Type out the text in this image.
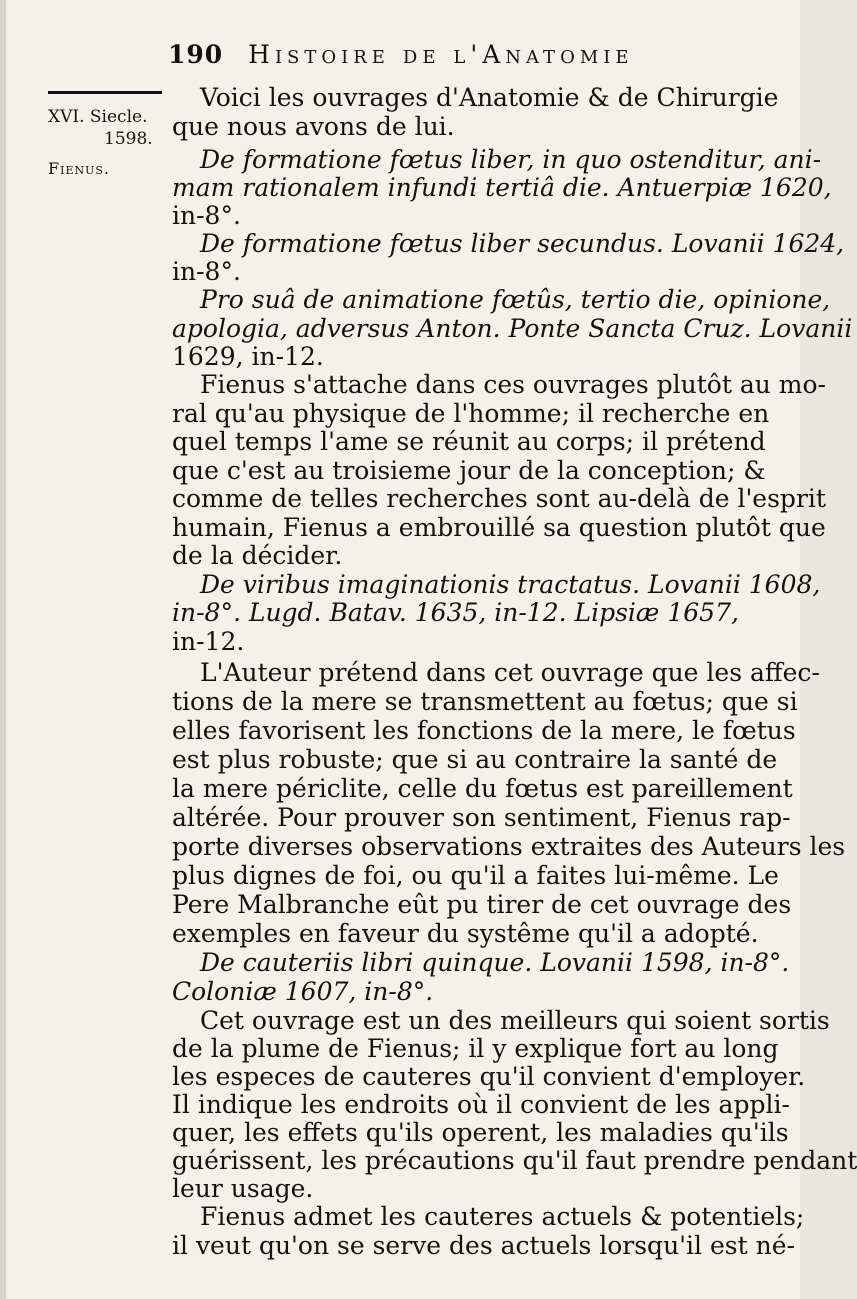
190 Histoire de l'Anatomie
XVI. Siecle.
1598.
Fienus.
Voici les ouvrages d'Anatomie & de Chirurgie
que nous avons de lui.
De formatione fœtus liber, in quo ostenditur, ani-
mam rationalem infundi tertiâ die. Antuerpiæ 1620,
in-8°.
De formatione fœtus liber secundus. Lovanii 1624,
in-8°.
Pro suâ de animatione fœtûs, tertio die, opinione,
apologia, adversus Anton. Ponte Sancta Cruz. Lovanii
1629, in-12.
Fienus s'attache dans ces ouvrages plutôt au mo-
ral qu'au physique de l'homme; il recherche en
quel temps l'ame se réunit au corps; il prétend
que c'est au troisieme jour de la conception; &
comme de telles recherches sont au-delà de l'esprit
humain, Fienus a embrouillé sa question plutôt que
de la décider.
De viribus imaginationis tractatus. Lovanii 1608,
in-8°. Lugd. Batav. 1635, in-12. Lipsiæ 1657,
in-12.
L'Auteur prétend dans cet ouvrage que les affec-
tions de la mere se transmettent au fœtus; que si
elles favorisent les fonctions de la mere, le fœtus
est plus robuste; que si au contraire la santé de
la mere périclite, celle du fœtus est pareillement
altérée. Pour prouver son sentiment, Fienus rap-
porte diverses observations extraites des Auteurs les
plus dignes de foi, ou qu'il a faites lui-même. Le
Pere Malbranche eût pu tirer de cet ouvrage des
exemples en faveur du systême qu'il a adopté.
De cauteriis libri quinque. Lovanii 1598, in-8°.
Coloniæ 1607, in-8°.
Cet ouvrage est un des meilleurs qui soient sortis
de la plume de Fienus; il y explique fort au long
les especes de cauteres qu'il convient d'employer.
Il indique les endroits où il convient de les appli-
quer, les effets qu'ils operent, les maladies qu'ils
guérissent, les précautions qu'il faut prendre pendant
leur usage.
Fienus admet les cauteres actuels & potentiels;
il veut qu'on se serve des actuels lorsqu'il est né-
